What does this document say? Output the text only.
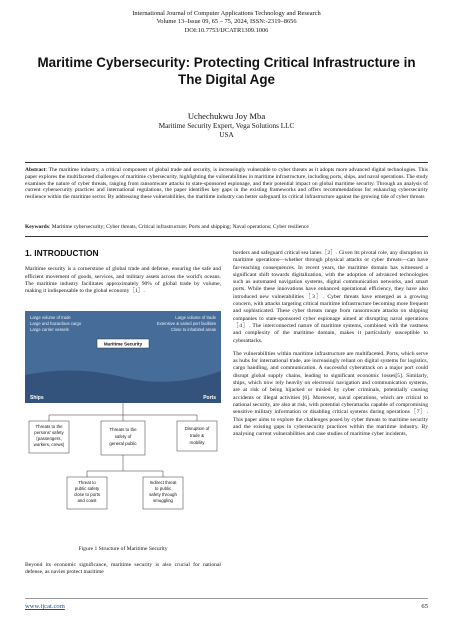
International Journal of Computer Applications Technology and Research
Volume 13–Issue 09, 65 – 75, 2024, ISSN:-2319–8656
DOI:10.7753/IJCATR1309.1006
Maritime Cybersecurity: Protecting Critical Infrastructure in The Digital Age
Uchechukwu Joy Mba
Maritime Security Expert, Vega Solutions LLC
USA
Abstract: The maritime industry, a critical component of global trade and security, is increasingly vulnerable to cyber threats as it adopts more advanced digital technologies. This paper explores the multifaceted challenges of maritime cybersecurity, highlighting the vulnerabilities in maritime infrastructure, including ports, ships, and naval operations. The study examines the nature of cyber threats, ranging from ransomware attacks to state-sponsored espionage, and their potential impact on global maritime security. Through an analysis of current cybersecurity practices and international regulations, the paper identifies key gaps in the existing frameworks and offers recommendations for enhancing cybersecurity resilience within the maritime sector. By addressing these vulnerabilities, the maritime industry can better safeguard its critical infrastructure against the growing tide of cyber threats
Keywords: Maritime cybersecurity; Cyber threats, Critical infrastructure; Ports and shipping; Naval operations; Cyber resilience
1. INTRODUCTION

Maritime security is a cornerstone of global trade and defense, ensuring the safe and efficient movement of goods, services, and military assets across the world's oceans. The maritime industry facilitates approximately 90% of global trade by volume, making it indispensable to the global economy［1］.

Large volume of trade
Large and hazardous cargo
Large carrier vessels
Large volume of trade
Extensive & varied port facilities
Close to inhabited areas
Maritime Security
Ships	Ports
Threats to the
persons' safety
(passengers,
workers, crews)
Threats to the
safety of
general public
Disruption of
trade &
mobility
Threat to
public safety
close to ports
and coast
Indirect threat
to public
safety through
smuggling
Figure 1 Structure of Maritime Security

Beyond its economic significance, maritime security is also crucial for national defense, as navies protect maritime

borders and safeguard critical sea lanes［2］. Given its pivotal role, any disruption in maritime operations—whether through physical attacks or cyber threats—can have far-reaching consequences. In recent years, the maritime domain has witnessed a significant shift towards digitalization, with the adoption of advanced technologies such as automated navigation systems, digital communication networks, and smart ports. While these innovations have enhanced operational efficiency, they have also introduced new vulnerabilities［3］. Cyber threats have emerged as a growing concern, with attacks targeting critical maritime infrastructure becoming more frequent and sophisticated. These cyber threats range from ransomware attacks on shipping companies to state-sponsored cyber espionage aimed at disrupting naval operations［4］. The interconnected nature of maritime systems, combined with the vastness and complexity of the maritime domain, makes it particularly susceptible to cyberattacks.

The vulnerabilities within maritime infrastructure are multifaceted. Ports, which serve as hubs for international trade, are increasingly reliant on digital systems for logistics, cargo handling, and communication. A successful cyberattack on a major port could disrupt global supply chains, leading to significant economic losses[5]. Similarly, ships, which now rely heavily on electronic navigation and communication systems, are at risk of being hijacked or misled by cyber criminals, potentially causing accidents or illegal activities [6]. Moreover, naval operations, which are critical to national security, are also at risk, with potential cyberattacks capable of compromising sensitive military information or disabling critical systems during operations［7］. This paper aims to explore the challenges posed by cyber threats to maritime security and the existing gaps in cybersecurity practices within the maritime industry. By analysing current vulnerabilities and case studies of maritime cyber incidents,

www.ijcat.com	65
